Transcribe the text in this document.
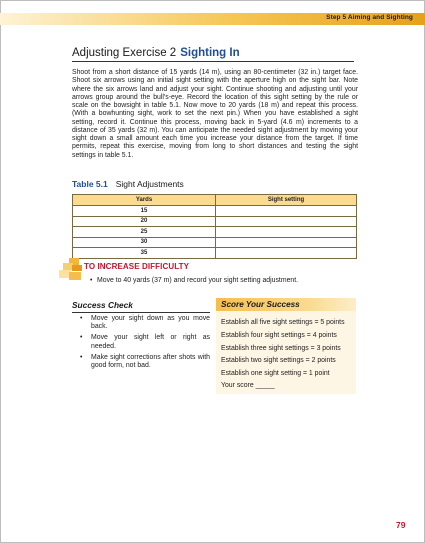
Step 5 Aiming and Sighting
Adjusting Exercise 2 Sighting In
Shoot from a short distance of 15 yards (14 m), using an 80-centimeter (32 in.) target face. Shoot six arrows using an initial sight setting with the aperture high on the sight bar. Note where the six arrows land and adjust your sight. Continue shooting and adjusting until your arrows group around the bull's-eye. Record the location of this sight setting by the rule or scale on the bowsight in table 5.1. Now move to 20 yards (18 m) and repeat this process. (With a bowhunting sight, work to set the next pin.) When you have established a sight setting, record it. Continue this process, moving back in 5-yard (4.6 m) increments to a distance of 35 yards (32 m). You can anticipate the needed sight adjustment by moving your sight down a small amount each time you increase your distance from the target. If time permits, repeat this exercise, moving from long to short distances and testing the sight settings in table 5.1.
Table 5.1 Sight Adjustments
Yards	Sight setting
15	
20	
25	
30	
35	
TO INCREASE DIFFICULTY
• Move to 40 yards (37 m) and record your sight setting adjustment.
Success Check
• Move your sight down as you move back.
• Move your sight left or right as needed.
• Make sight corrections after shots with good form, not bad.
Score Your Success
Establish all five sight settings = 5 points
Establish four sight settings = 4 points
Establish three sight settings = 3 points
Establish two sight settings = 2 points
Establish one sight setting = 1 point
Your score _____
79
